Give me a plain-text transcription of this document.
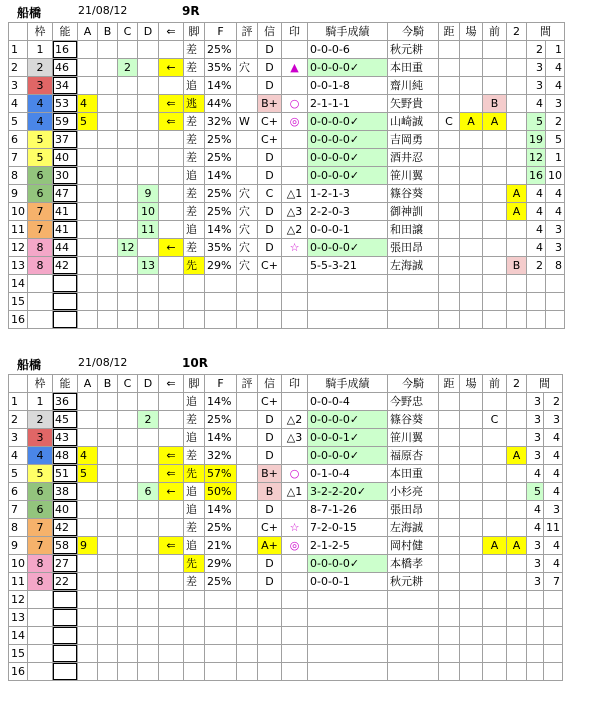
船橋	21/08/12	9R
	枠	能	A	B	C	D	⇐	脚	F	評	信	印	騎手成績	今騎	距	場	前	2	間	
1	1	16						差	25%		D		0-0-0-6	秋元耕					2	1
2	2	46			2		←	差	35%	穴	D	▲	0-0-0-0✓	本田重					3	4
3	3	34						追	14%		D		0-0-1-8	齋川純					3	4
4	4	53	4				⇐	逃	44%		B+	○	2-1-1-1	矢野貴			B		4	3
5	4	59	5				⇐	差	32%	W	C+	◎	0-0-0-0✓	山崎誠	C	A	A		5	2
6	5	37						差	25%		C+		0-0-0-0✓	吉岡勇					19	5
7	5	40						差	25%		D		0-0-0-0✓	酒井忍					12	1
8	6	30						追	14%		D		0-0-0-0✓	笹川翼					16	10
9	6	47				9		差	25%	穴	C	△1	1-2-1-3	篠谷葵				A	4	4
10	7	41				10		差	25%	穴	D	△3	2-2-0-3	御神訓				A	4	4
11	7	41				11		追	14%	穴	D	△2	0-0-0-1	和田譲					4	3
12	8	44			12		←	差	35%	穴	D	☆	0-0-0-0✓	張田昂					4	3
13	8	42				13		先	29%	穴	C+		5-5-3-21	左海誠				B	2	8
14																				
15																				
16																				
船橋	21/08/12	10R
	枠	能	A	B	C	D	⇐	脚	F	評	信	印	騎手成績	今騎	距	場	前	2	間	
1	1	36						追	14%		C+		0-0-0-4	今野忠					3	2
2	2	45				2		差	25%		D	△2	0-0-0-0✓	篠谷葵			C		3	3
3	3	43						追	14%		D	△3	0-0-0-1✓	笹川翼					3	4
4	4	48	4				⇐	差	32%		D		0-0-0-0✓	福原杏				A	3	4
5	5	51	5				⇐	先	57%		B+	○	0-1-0-4	本田重					4	4
6	6	38				6	←	追	50%		B	△1	3-2-2-20✓	小杉亮					5	4
7	6	40						追	14%		D		8-7-1-26	張田昂					4	3
8	7	42						差	25%		C+	☆	7-2-0-15	左海誠					4	11
9	7	58	9				⇐	追	21%		A+	◎	2-1-2-5	岡村健			A	A	3	4
10	8	27						先	29%		D		0-0-0-0✓	本橋孝					3	4
11	8	22						差	25%		D		0-0-0-1	秋元耕					3	7
12																				
13																				
14																				
15																				
16																				
